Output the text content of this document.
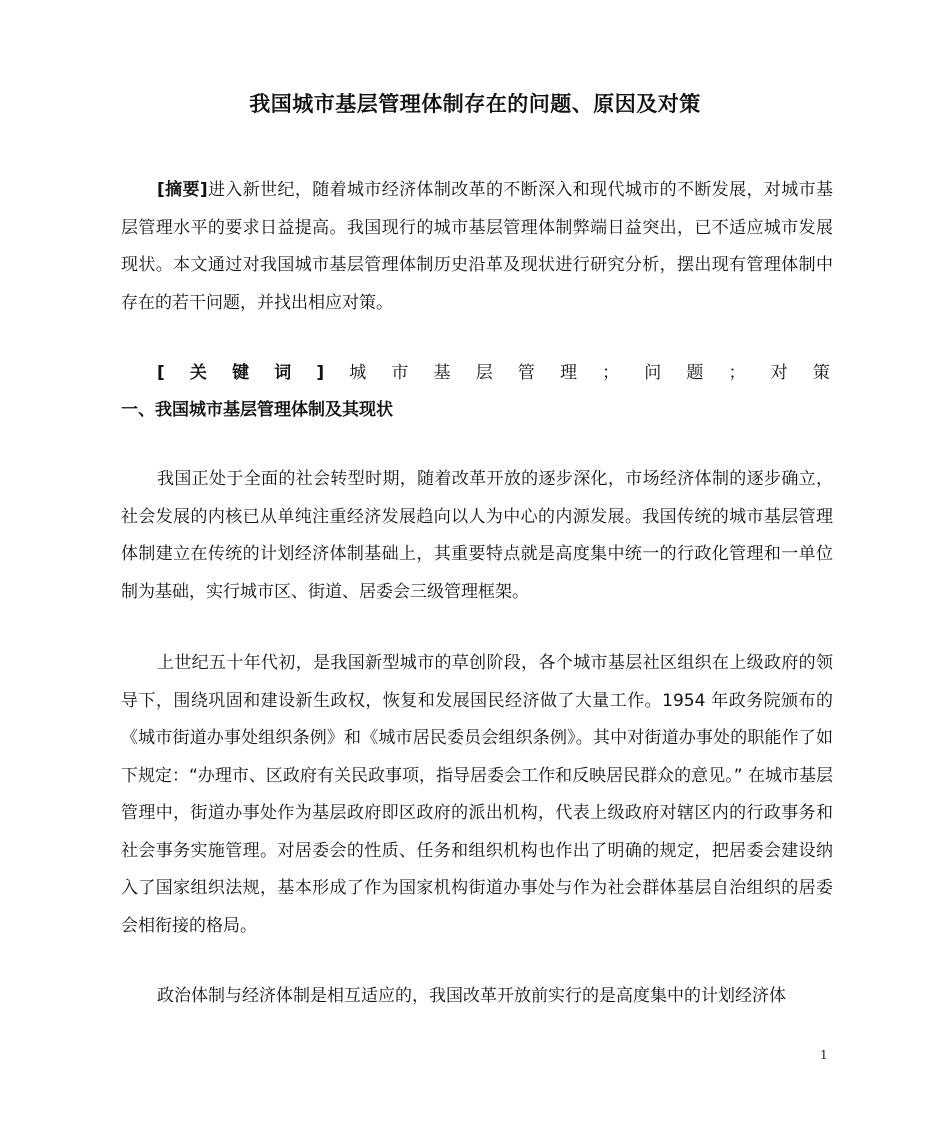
我国城市基层管理体制存在的问题、原因及对策
[摘要]进入新世纪，随着城市经济体制改革的不断深入和现代城市的不断发展，对城市基层管理水平的要求日益提高。我国现行的城市基层管理体制弊端日益突出，已不适应城市发展现状。本文通过对我国城市基层管理体制历史沿革及现状进行研究分析，摆出现有管理体制中存在的若干问题，并找出相应对策。
[ 关 键 词 ] 城 市 基 层 管 理 ； 问 题 ； 对 策
一、我国城市基层管理体制及其现状
我国正处于全面的社会转型时期，随着改革开放的逐步深化，市场经济体制的逐步确立，社会发展的内核已从单纯注重经济发展趋向以人为中心的内源发展。我国传统的城市基层管理体制建立在传统的计划经济体制基础上，其重要特点就是高度集中统一的行政化管理和一单位制为基础，实行城市区、街道、居委会三级管理框架。
上世纪五十年代初，是我国新型城市的草创阶段，各个城市基层社区组织在上级政府的领导下，围绕巩固和建设新生政权，恢复和发展国民经济做了大量工作。1954 年政务院颁布的《城市街道办事处组织条例》和《城市居民委员会组织条例》。其中对街道办事处的职能作了如下规定：“办理市、区政府有关民政事项，指导居委会工作和反映居民群众的意见。” 在城市基层管理中，街道办事处作为基层政府即区政府的派出机构，代表上级政府对辖区内的行政事务和社会事务实施管理。对居委会的性质、任务和组织机构也作出了明确的规定，把居委会建设纳入了国家组织法规，基本形成了作为国家机构街道办事处与作为社会群体基层自治组织的居委会相衔接的格局。
政治体制与经济体制是相互适应的，我国改革开放前实行的是高度集中的计划经济体
1
